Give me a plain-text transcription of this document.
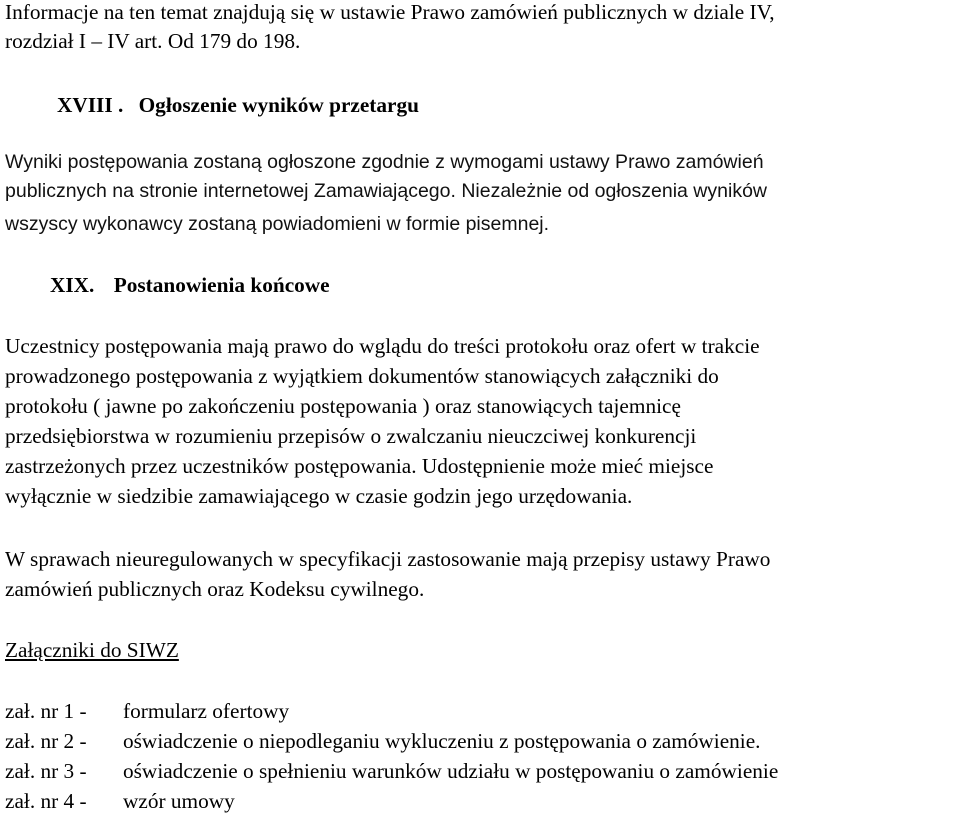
Informacje na ten temat znajdują się w ustawie Prawo zamówień publicznych w dziale IV,

rozdział I – IV art. Od 179 do 198.

XVIII . Ogłoszenie wyników przetargu

Wyniki postępowania zostaną ogłoszone zgodnie z wymogami ustawy Prawo zamówień

publicznych na stronie internetowej Zamawiającego. Niezależnie od ogłoszenia wyników

wszyscy wykonawcy zostaną powiadomieni w formie pisemnej.

XIX. Postanowienia końcowe

Uczestnicy postępowania mają prawo do wglądu do treści protokołu oraz ofert w trakcie

prowadzonego postępowania z wyjątkiem dokumentów stanowiących załączniki do

protokołu ( jawne po zakończeniu postępowania ) oraz stanowiących tajemnicę

przedsiębiorstwa w rozumieniu przepisów o zwalczaniu nieuczciwej konkurencji

zastrzeżonych przez uczestników postępowania. Udostępnienie może mieć miejsce

wyłącznie w siedzibie zamawiającego w czasie godzin jego urzędowania.

W sprawach nieuregulowanych w specyfikacji zastosowanie mają przepisy ustawy Prawo

zamówień publicznych oraz Kodeksu cywilnego.

Załączniki do SIWZ

zał. nr 1 - formularz ofertowy
zał. nr 2 - oświadczenie o niepodleganiu wykluczeniu z postępowania o zamówienie.
zał. nr 3 - oświadczenie o spełnieniu warunków udziału w postępowaniu o zamówienie
zał. nr 4 - wzór umowy
